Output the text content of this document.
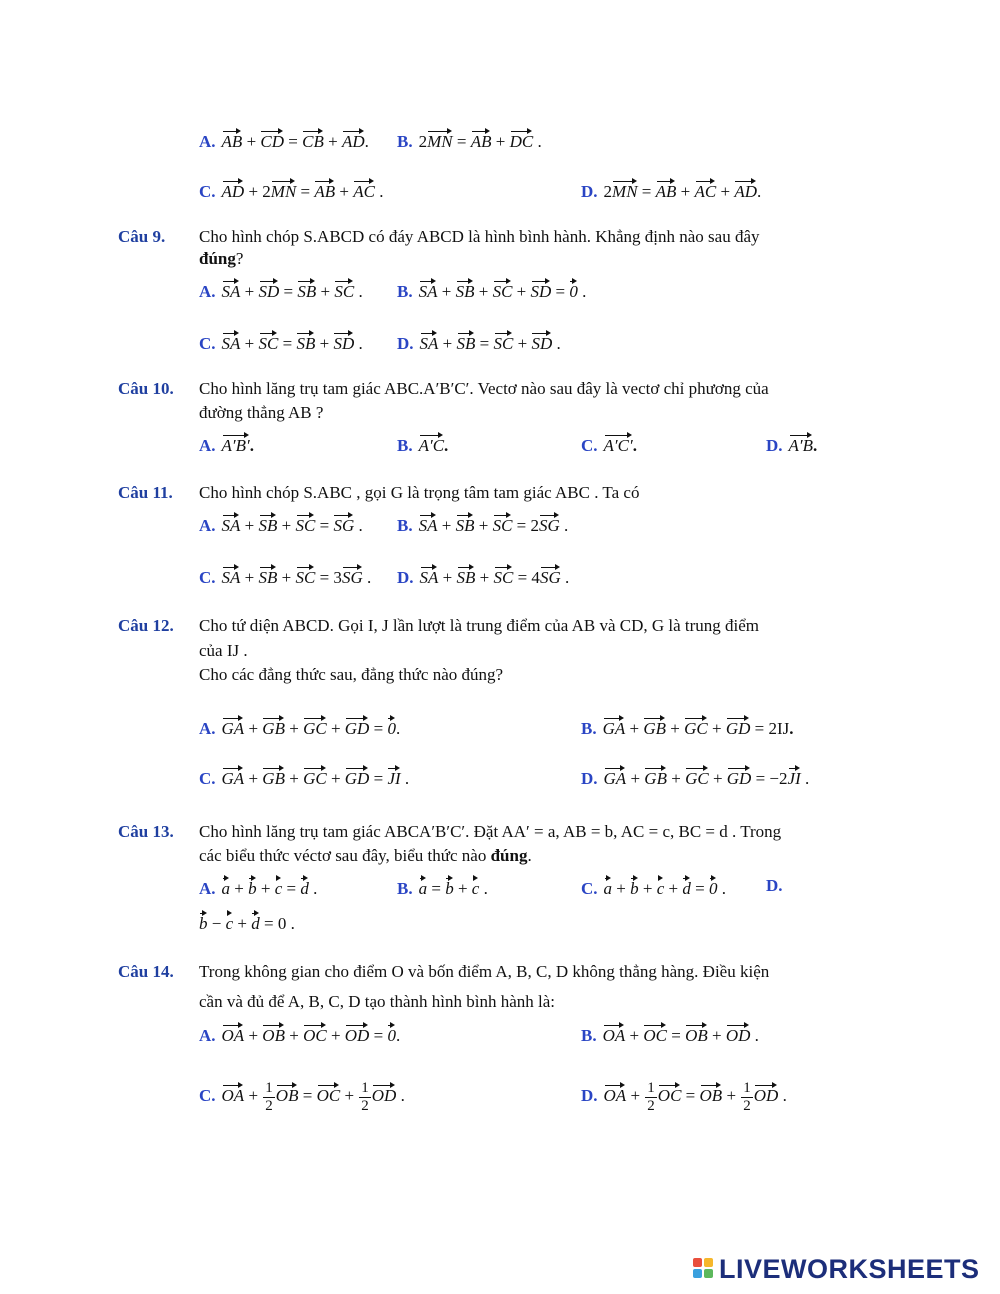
A. AB + CD = CB + AD. B. 2MN = AB + DC .
C. AD + 2MN = AB + AC .	D. 2MN = AB + AC + AD.
Câu 9. Cho hình chóp S.ABCD có đáy ABCD là hình bình hành. Khẳng định nào sau đây
đúng?
A. SA + SD = SB + SC . B. SA + SB + SC + SD = 0 .
C. SA + SC = SB + SD . D. SA + SB = SC + SD .
Câu 10. Cho hình lăng trụ tam giác ABC.A′B′C′. Vectơ nào sau đây là vectơ chỉ phương của
đường thẳng AB ?
A. A′B′.	B. A′C.	C. A′C′.	D. A′B.
Câu 11. Cho hình chóp S.ABC , gọi G là trọng tâm tam giác ABC . Ta có
A. SA + SB + SC = SG . B. SA + SB + SC = 2SG .
C. SA + SB + SC = 3SG . D. SA + SB + SC = 4SG .
Câu 12. Cho tứ diện ABCD. Gọi I, J lần lượt là trung điểm của AB và CD, G là trung điểm
của IJ .
Cho các đẳng thức sau, đẳng thức nào đúng?
A. GA + GB + GC + GD = 0.	B. GA + GB + GC + GD = 2IJ.
C. GA + GB + GC + GD = JI .	D. GA + GB + GC + GD = −2JI .
Câu 13. Cho hình lăng trụ tam giác ABCA′B′C′. Đặt AA′ = a, AB = b, AC = c, BC = d . Trong
các biểu thức véctơ sau đây, biểu thức nào đúng.
A. a + b + c = d .	B. a = b + c .	C. a + b + c + d = 0 . D.
b − c + d = 0 .
Câu 14. Trong không gian cho điểm O và bốn điểm A, B, C, D không thẳng hàng. Điều kiện
cần và đủ để A, B, C, D tạo thành hình bình hành là:
A. OA + OB + OC + OD = 0.	B. OA + OC = OB + OD .
C. OA + $\frac{1}{2}$ OB = OC + $\frac{1}{2}$ OD .	D. OA + $\frac{1}{2}$ OC = OB + $\frac{1}{2}$ OD .
LIVEWORKSHEETS
